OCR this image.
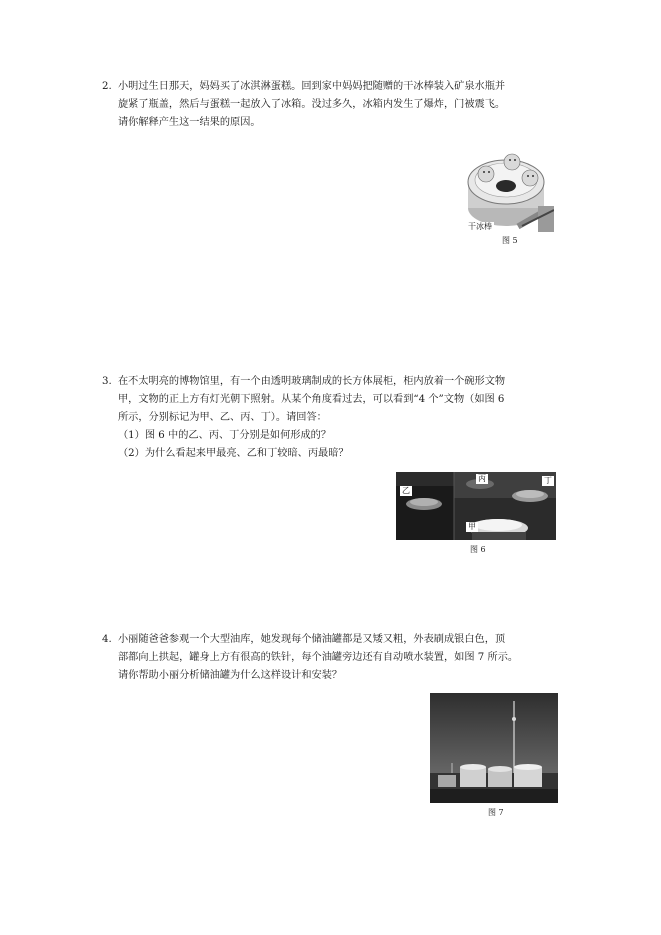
2. 小明过生日那天，妈妈买了冰淇淋蛋糕。回到家中妈妈把随赠的干冰棒装入矿泉水瓶并
旋紧了瓶盖，然后与蛋糕一起放入了冰箱。没过多久，冰箱内发生了爆炸，门被震飞。
请你解释产生这一结果的原因。
干冰棒
图 5
3. 在不太明亮的博物馆里，有一个由透明玻璃制成的长方体展柜，柜内放着一个碗形文物
甲，文物的正上方有灯光朝下照射。从某个角度看过去，可以看到“4 个”文物（如图 6
所示，分别标记为甲、乙、丙、丁）。请回答：
（1）图 6 中的乙、丙、丁分别是如何形成的？
（2）为什么看起来甲最亮、乙和丁较暗、丙最暗？
乙
丙	丁
甲
图 6
4. 小丽随爸爸参观一个大型油库，她发现每个储油罐都是又矮又粗，外表刷成银白色，顶
部都向上拱起，罐身上方有很高的铁针，每个油罐旁边还有自动喷水装置，如图 7 所示。
请你帮助小丽分析储油罐为什么这样设计和安装？
图 7
